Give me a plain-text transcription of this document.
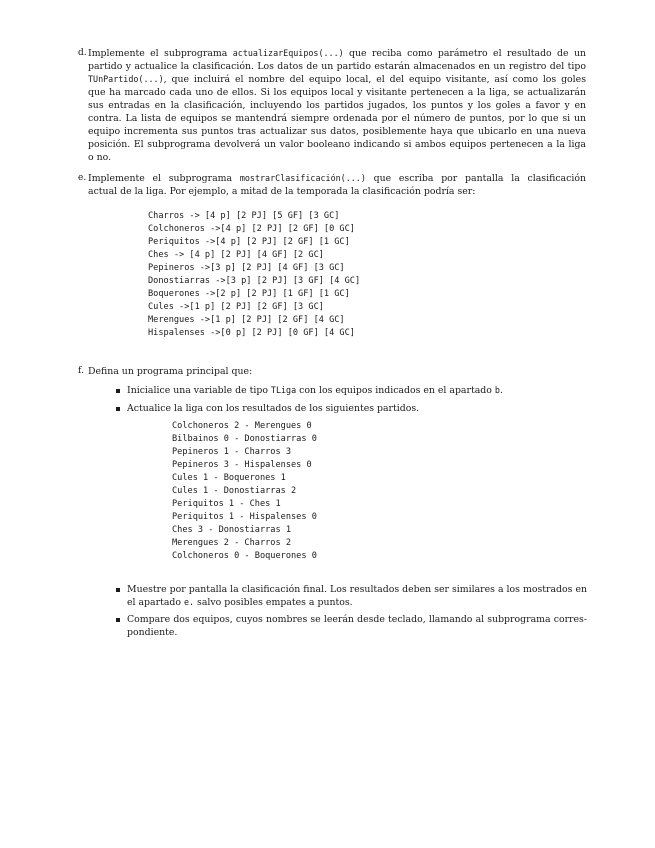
d. Implemente el subprograma actualizarEquipos(...) que reciba como parámetro el resultado de un
partido y actualice la clasificación. Los datos de un partido estarán almacenados en un registro del tipo
TUnPartido(...), que incluirá el nombre del equipo local, el del equipo visitante, así como los goles
que ha marcado cada uno de ellos. Si los equipos local y visitante pertenecen a la liga, se actualizarán
sus entradas en la clasificación, incluyendo los partidos jugados, los puntos y los goles a favor y en
contra. La lista de equipos se mantendrá siempre ordenada por el número de puntos, por lo que si un
equipo incrementa sus puntos tras actualizar sus datos, posiblemente haya que ubicarlo en una nueva
posición. El subprograma devolverá un valor booleano indicando si ambos equipos pertenecen a la liga
o no.
e. Implemente el subprograma mostrarClasificación(...) que escriba por pantalla la clasificación
actual de la liga. Por ejemplo, a mitad de la temporada la clasificación podría ser:
Charros -> [4 p] [2 PJ] [5 GF] [3 GC]
Colchoneros ->[4 p] [2 PJ] [2 GF] [0 GC]
Periquitos ->[4 p] [2 PJ] [2 GF] [1 GC]
Ches -> [4 p] [2 PJ] [4 GF] [2 GC]
Pepineros ->[3 p] [2 PJ] [4 GF] [3 GC]
Donostiarras ->[3 p] [2 PJ] [3 GF] [4 GC]
Boquerones ->[2 p] [2 PJ] [1 GF] [1 GC]
Cules ->[1 p] [2 PJ] [2 GF] [3 GC]
Merengues ->[1 p] [2 PJ] [2 GF] [4 GC]
Hispalenses ->[0 p] [2 PJ] [0 GF] [4 GC]
f. Defina un programa principal que:
Inicialice una variable de tipo TLiga con los equipos indicados en el apartado b.
Actualice la liga con los resultados de los siguientes partidos.
Colchoneros 2 - Merengues 0
Bilbainos 0 - Donostiarras 0
Pepineros 1 - Charros 3
Pepineros 3 - Hispalenses 0
Cules 1 - Boquerones 1
Cules 1 - Donostiarras 2
Periquitos 1 - Ches 1
Periquitos 1 - Hispalenses 0
Ches 3 - Donostiarras 1
Merengues 2 - Charros 2
Colchoneros 0 - Boquerones 0
Muestre por pantalla la clasificación final. Los resultados deben ser similares a los mostrados en
el apartado e. salvo posibles empates a puntos.
Compare dos equipos, cuyos nombres se leerán desde teclado, llamando al subprograma corres-
pondiente.
